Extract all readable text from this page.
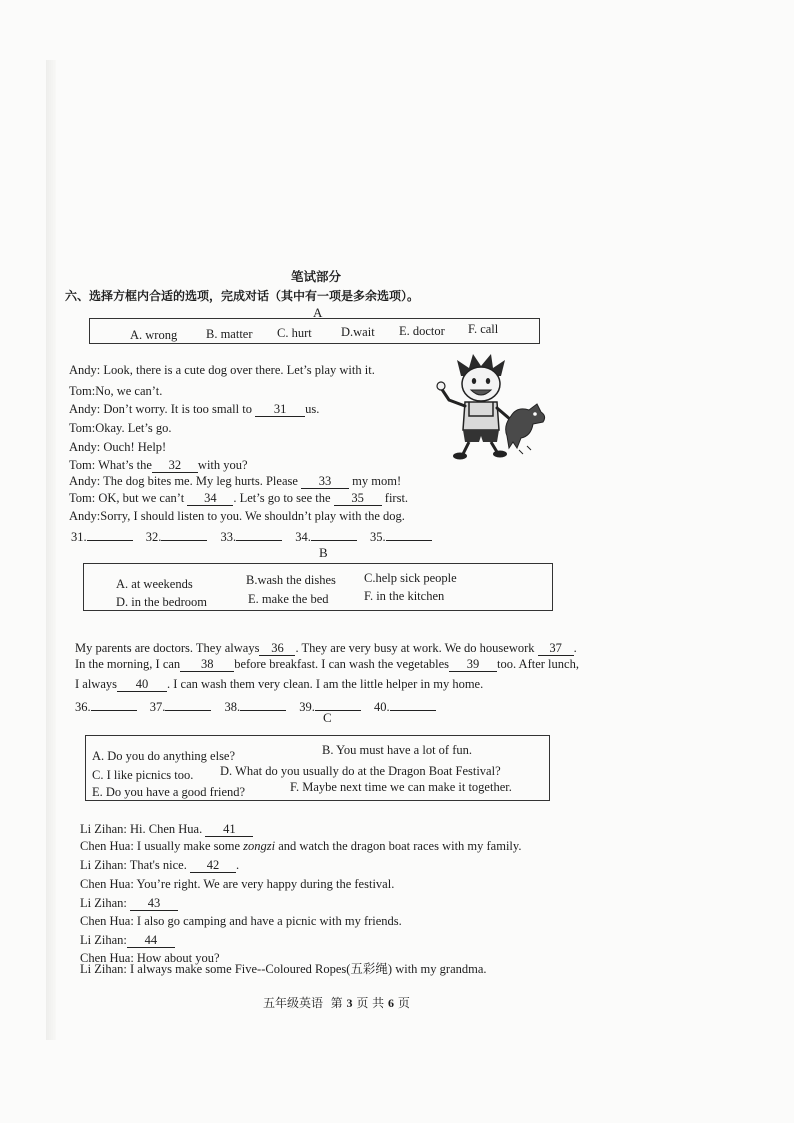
笔试部分
六、选择方框内合适的选项，完成对话（其中有一项是多余选项）。
A
A. wrong B. matter C. hurt D.wait E. doctor F. call
Andy: Look, there is a cute dog over there. Let’s play with it.
Tom:No, we can’t.
Andy: Don’t worry. It is too small to 31 us.
Tom:Okay. Let’s go.
Andy: Ouch! Help!
Tom: What’s the 32 with you?
Andy: The dog bites me. My leg hurts. Please 33 my mom!
Tom: OK, but we can’t 34 . Let’s go to see the 35 first.
Andy:Sorry, I should listen to you. We shouldn’t play with the dog.
31.	32.	33.	34.	35.
B
A. at weekends	B.wash the dishes C.help sick people
D. in the bedroom	E. make the bed	F. in the kitchen
My parents are doctors. They always 36 . They are very busy at work. We do housework 37 .
In the morning, I can 38 before breakfast. I can wash the vegetables 39 too. After lunch,
I always 40 . I can wash them very clean. I am the little helper in my home.
36.	37.	38.	39.	40.
C
A. Do you do anything else?	B. You must have a lot of fun.
C. I like picnics too. D. What do you usually do at the Dragon Boat Festival?
E. Do you have a good friend?	F. Maybe next time we can make it together.
Li Zihan: Hi. Chen Hua. 41
Chen Hua: I usually make some zongzi and watch the dragon boat races with my family.
Li Zihan: That's nice. 42 .
Chen Hua: You’re right. We are very happy during the festival.
Li Zihan: 43
Chen Hua: I also go camping and have a picnic with my friends.
Li Zihan: 44
Chen Hua: How about you?
Li Zihan: I always make some Five--Coloured Ropes(五彩绳) with my grandma.
五年级英语 第 3 页 共 6 页
